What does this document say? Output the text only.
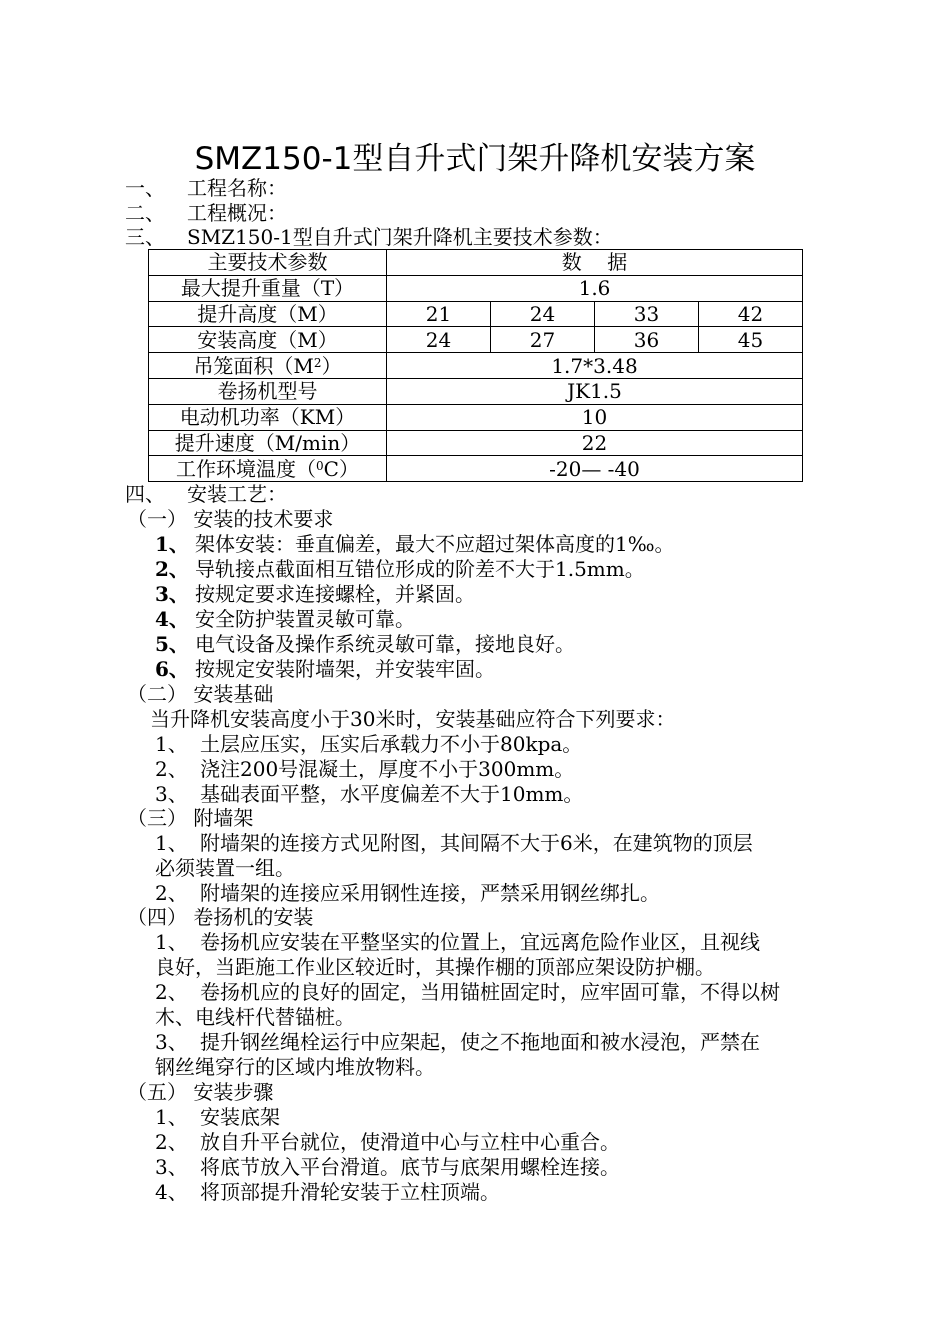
SMZ150-1型自升式门架升降机安装方案
一、 工程名称：
二、 工程概况：
三、 SMZ150-1型自升式门架升降机主要技术参数：
主要技术参数	数    据			
最大提升重量（T）	1.6			
提升高度（M）	21	24	33	42
安装高度（M）	24	27	36	45
吊笼面积$(M^2)$	1.7*3.48			
卷扬机型号	JK1.5			
电动机功率（KM）	10			
提升速度（M/min）	22			
工作环境温度（$^0$C）	-20— -40			
四、 安装工艺：
（一） 安装的技术要求
1、 架体安装：垂直偏差，最大不应超过架体高度的1‰。
2、 导轨接点截面相互错位形成的阶差不大于1.5mm。
3、 按规定要求连接螺栓，并紧固。
4、 安全防护装置灵敏可靠。
5、 电气设备及操作系统灵敏可靠，接地良好。
6、 按规定安装附墙架，并安装牢固。
（二） 安装基础
当升降机安装高度小于30米时，安装基础应符合下列要求：
1、 土层应压实，压实后承载力不小于80kpa。
2、 浇注200号混凝土，厚度不小于300mm。
3、 基础表面平整，水平度偏差不大于10mm。
（三） 附墙架
1、 附墙架的连接方式见附图，其间隔不大于6米，在建筑物的顶层
必须装置一组。
2、 附墙架的连接应采用钢性连接，严禁采用钢丝绑扎。
（四） 卷扬机的安装
1、 卷扬机应安装在平整坚实的位置上，宜远离危险作业区，且视线
良好，当距施工作业区较近时，其操作棚的顶部应架设防护棚。
2、 卷扬机应的良好的固定，当用锚桩固定时，应牢固可靠，不得以树
木、电线杆代替锚桩。
3、 提升钢丝绳栓运行中应架起，使之不拖地面和被水浸泡，严禁在
钢丝绳穿行的区域内堆放物料。
（五） 安装步骤
1、 安装底架
2、 放自升平台就位，使滑道中心与立柱中心重合。
3、 将底节放入平台滑道。底节与底架用螺栓连接。
4、 将顶部提升滑轮安装于立柱顶端。
